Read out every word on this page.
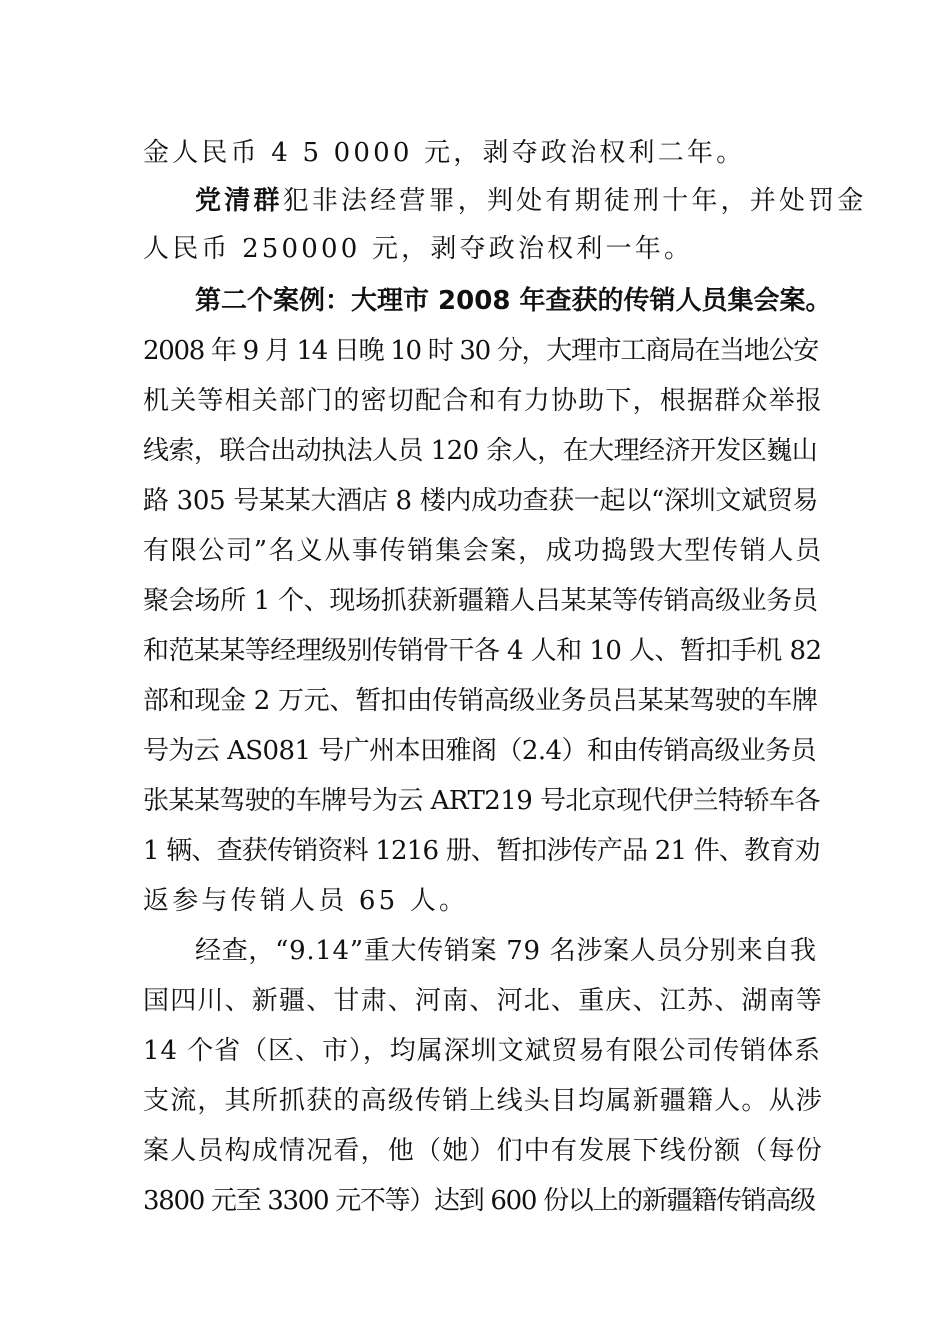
金人民币 4 5 0000 元，剥夺政治权利二年。
党清群犯非法经营罪，判处有期徒刑十年，并处罚金
人民币 250000 元，剥夺政治权利一年。
第二个案例：大理市 2008 年查获的传销人员集会案。
2008 年 9 月 14 日晚 10 时 30 分，大理市工商局在当地公安
机关等相关部门的密切配合和有力协助下，根据群众举报
线索，联合出动执法人员 120 余人，在大理经济开发区巍山
路 305 号某某大酒店 8 楼内成功查获一起以“深圳文斌贸易
有限公司”名义从事传销集会案，成功捣毁大型传销人员
聚会场所 1 个、现场抓获新疆籍人吕某某等传销高级业务员
和范某某等经理级别传销骨干各 4 人和 10 人、暂扣手机 82
部和现金 2 万元、暂扣由传销高级业务员吕某某驾驶的车牌
号为云 AS081 号广州本田雅阁（2.4）和由传销高级业务员
张某某驾驶的车牌号为云 ART219 号北京现代伊兰特轿车各
1 辆、查获传销资料 1216 册、暂扣涉传产品 21 件、教育劝
返参与传销人员 65 人。
经查，“9.14”重大传销案 79 名涉案人员分别来自我
国四川、新疆、甘肃、河南、河北、重庆、江苏、湖南等
14 个省（区、市），均属深圳文斌贸易有限公司传销体系
支流，其所抓获的高级传销上线头目均属新疆籍人。从涉
案人员构成情况看，他（她）们中有发展下线份额（每份
3800 元至 3300 元不等）达到 600 份以上的新疆籍传销高级
